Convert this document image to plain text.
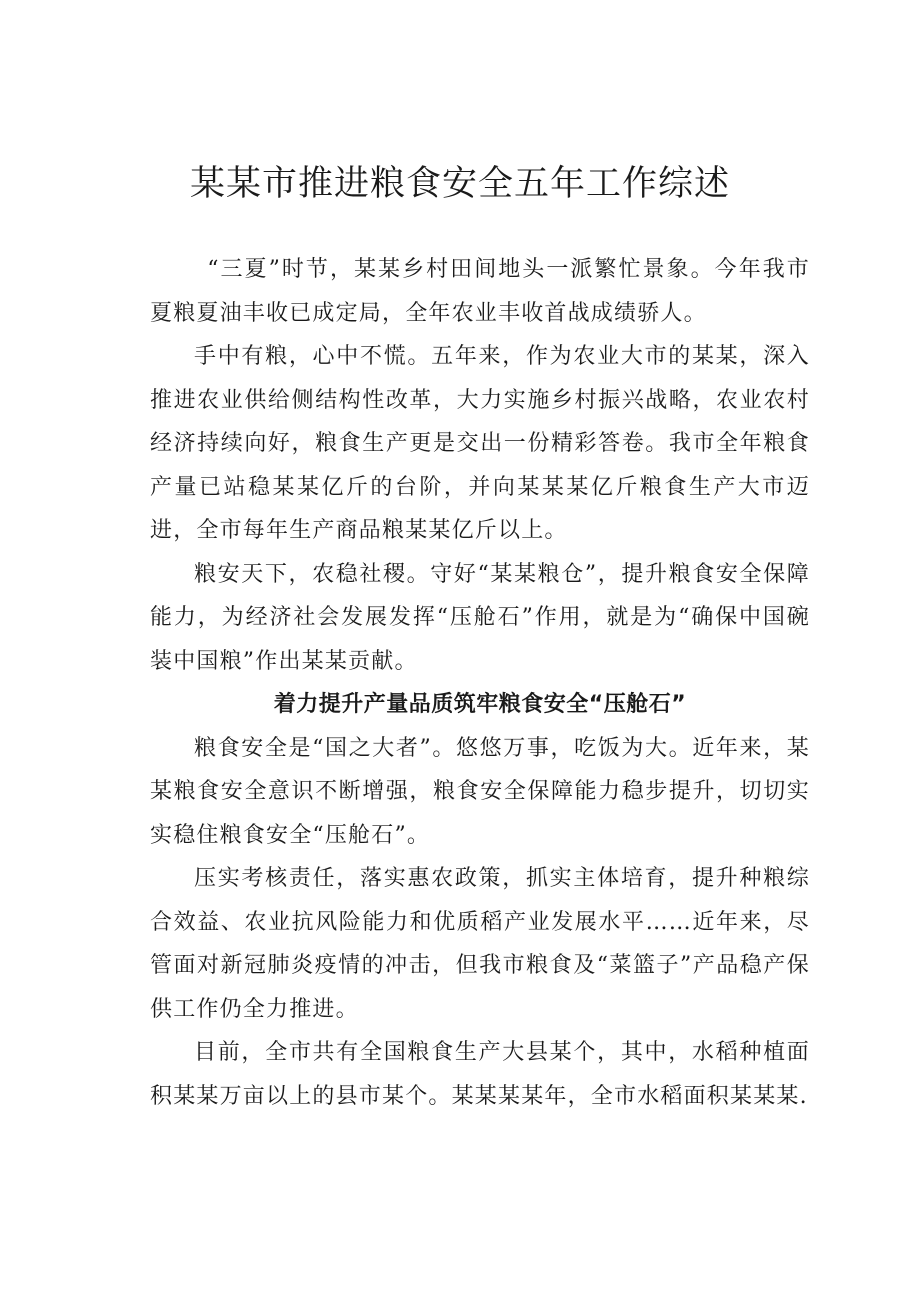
某某市推进粮食安全五年工作综述

“三夏”时节，某某乡村田间地头一派繁忙景象。今年我市夏粮夏油丰收已成定局，全年农业丰收首战成绩骄人。

手中有粮，心中不慌。五年来，作为农业大市的某某，深入推进农业供给侧结构性改革，大力实施乡村振兴战略，农业农村经济持续向好，粮食生产更是交出一份精彩答卷。我市全年粮食产量已站稳某某亿斤的台阶，并向某某某亿斤粮食生产大市迈进，全市每年生产商品粮某某亿斤以上。

粮安天下，农稳社稷。守好“某某粮仓”，提升粮食安全保障能力，为经济社会发展发挥“压舱石”作用，就是为“确保中国碗装中国粮”作出某某贡献。

着力提升产量品质筑牢粮食安全“压舱石”

粮食安全是“国之大者”。悠悠万事，吃饭为大。近年来，某某粮食安全意识不断增强，粮食安全保障能力稳步提升，切切实实稳住粮食安全“压舱石”。

压实考核责任，落实惠农政策，抓实主体培育，提升种粮综合效益、农业抗风险能力和优质稻产业发展水平……近年来，尽管面对新冠肺炎疫情的冲击，但我市粮食及“菜篮子”产品稳产保供工作仍全力推进。

目前，全市共有全国粮食生产大县某个，其中，水稻种植面积某某万亩以上的县市某个。某某某某年，全市水稻面积某某某.
